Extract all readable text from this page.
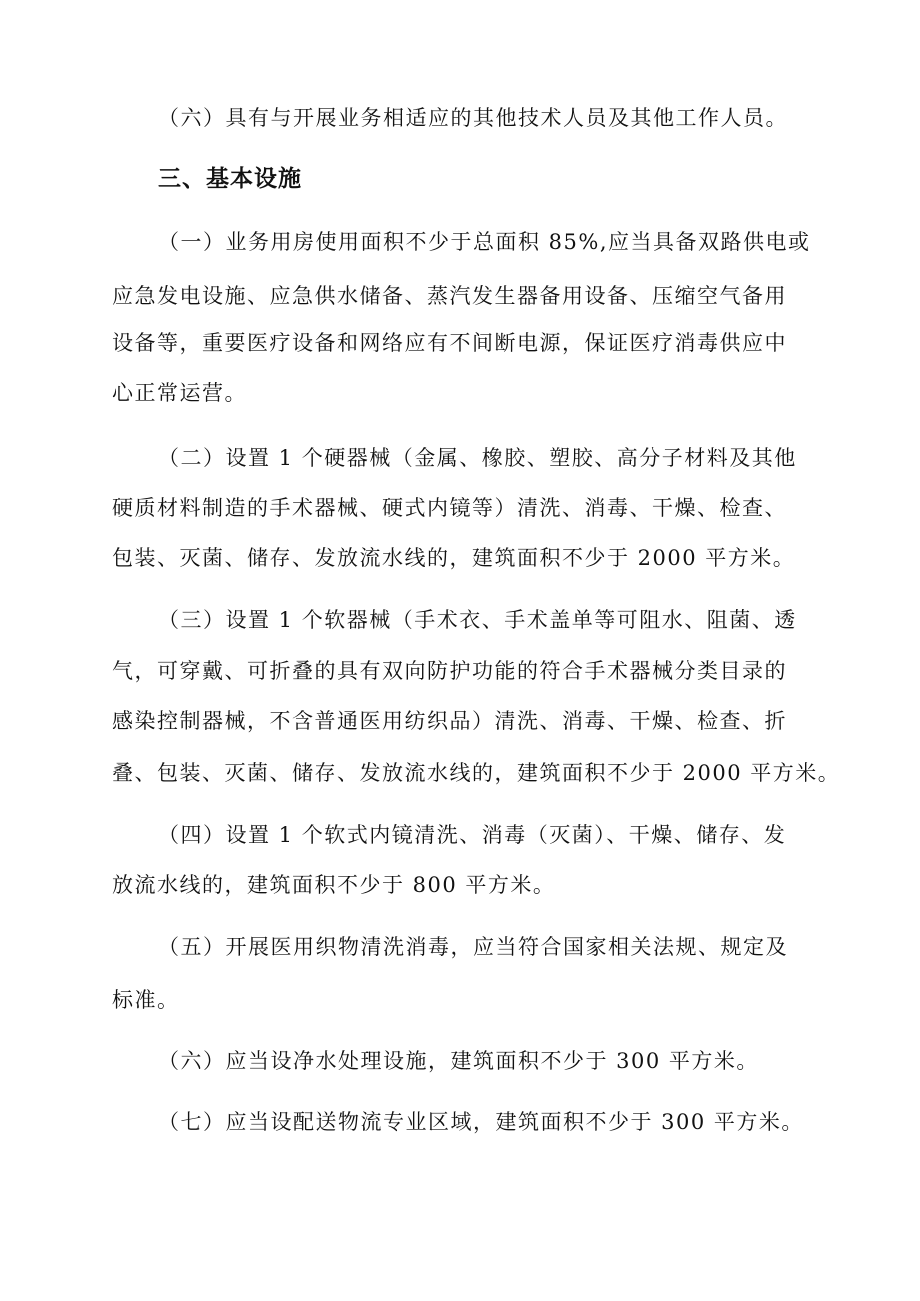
（六）具有与开展业务相适应的其他技术人员及其他工作人员。
三、基本设施
（一）业务用房使用面积不少于总面积 85%,应当具备双路供电或
应急发电设施、应急供水储备、蒸汽发生器备用设备、压缩空气备用
设备等，重要医疗设备和网络应有不间断电源，保证医疗消毒供应中
心正常运营。
（二）设置 1 个硬器械（金属、橡胶、塑胶、高分子材料及其他
硬质材料制造的手术器械、硬式内镜等）清洗、消毒、干燥、检查、
包装、灭菌、储存、发放流水线的，建筑面积不少于 2000 平方米。
（三）设置 1 个软器械（手术衣、手术盖单等可阻水、阻菌、透
气，可穿戴、可折叠的具有双向防护功能的符合手术器械分类目录的
感染控制器械，不含普通医用纺织品）清洗、消毒、干燥、检查、折
叠、包装、灭菌、储存、发放流水线的，建筑面积不少于 2000 平方米。
（四）设置 1 个软式内镜清洗、消毒（灭菌）、干燥、储存、发
放流水线的，建筑面积不少于 800 平方米。
（五）开展医用织物清洗消毒，应当符合国家相关法规、规定及
标准。
（六）应当设净水处理设施，建筑面积不少于 300 平方米。
（七）应当设配送物流专业区域，建筑面积不少于 300 平方米。
